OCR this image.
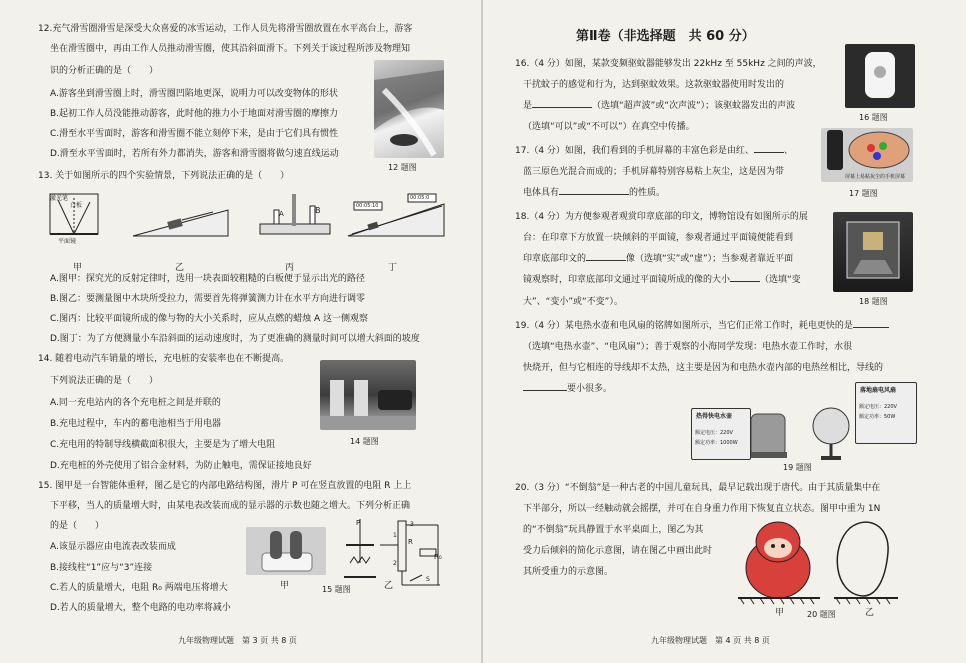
12.充气滑雪圈滑雪是深受大众喜爱的冰雪运动，工作人员先将滑雪圈放置在水平高台上，游客
坐在滑雪圈中，再由工作人员推动滑雪圈，使其沿斜面滑下。下列关于该过程所涉及物理知
识的分析正确的是（　　）
A.游客坐到滑雪圈上时，滑雪圈凹陷地更深，说明力可以改变物体的形状
B.起初工作人员没能推动游客，此时他的推力小于地面对滑雪圈的摩擦力
C.滑至水平雪面时，游客和滑雪圈不能立刻停下来，是由于它们具有惯性
D.滑至水平雪面时，若所有外力都消失，游客和滑雪圈将做匀速直线运动
12 题图
13. 关于如图所示的四个实验情景，下列说法正确的是（　　）
激光笔
白板
平面镜
A	B	00:05:10
00:05:0
甲	乙	丙	丁
A.图甲：探究光的反射定律时，选用一块表面较粗糙的白板便于显示出光的路径
B.图乙：要测量图中木块所受拉力，需要首先将弹簧测力计在水平方向进行调零
C.图丙：比较平面镜所成的像与物的大小关系时，应从点燃的蜡烛 A 这一侧观察
D.图丁：为了方便测量小车沿斜面的运动速度时，为了更准确的测量时间可以增大斜面的坡度
14. 随着电动汽车销量的增长，充电桩的安装率也在不断提高。
下列说法正确的是（　　）
A.同一充电站内的各个充电桩之间是并联的
B.充电过程中，车内的蓄电池相当于用电器
C.充电用的特制导线横截面积很大，主要是为了增大电阻
D.充电桩的外壳使用了铝合金材料，为防止触电，需保证接地良好
14 题图
15. 图甲是一台智能体重秤，图乙是它的内部电路结构图，滑片 P 可在竖直放置的电阻 R 上上
下平移，当人的质量增大时，由某电表改装而成的显示器的示数也随之增大。下列分析正确
的是（　　）
A.该显示器应由电流表改装而成
B.接线柱“1”应与“3”连接
C.若人的质量增大，电阻 R₀ 两端电压将增大
D.若人的质量增大，整个电路的电功率将减小
P
R
R₀
1
2
3
S
甲	15 题图	乙
九年级物理试题　第 3 页 共 8 页
第Ⅱ卷（非选择题　共 60 分）
16.（4 分）如图，某款变频驱蚊器能够发出 22kHz 至 55kHz 之间的声波，
干扰蚊子的感觉和行为，达到驱蚊效果。这款驱蚊器使用时发出的
是	（选填“超声波”或“次声波”）；该驱蚊器发出的声波
（选填“可以”或“不可以”）在真空中传播。
16 题图
17.（4 分）如图，我们看到的手机屏幕的丰富色彩是由红、	、
蓝三原色光混合而成的；手机屏幕特别容易粘上灰尘，这是因为带
电体具有	的性质。
屏幕上易粘灰尘的手机屏幕
17 题图
18.（4 分）为方便参观者观赏印章底部的印文，博物馆设有如图所示的展
台：在印章下方放置一块倾斜的平面镜，参观者通过平面镜便能看到
印章底部印文的	像（选填“实”或“虚”）；当参观者靠近平面
镜观察时，印章底部印文通过平面镜所成的像的大小	（选填“变
大”、“变小”或“不变”）。	18 题图
19.（4 分）某电热水壶和电风扇的铭牌如图所示，当它们正常工作时，耗电更快的是
（选填“电热水壶”、“电风扇”）；善于观察的小海同学发现：电热水壶工作时，水很
快烧开，但与它相连的导线却不太热，这主要是因为和电热水壶内部的电热丝相比，导线的
要小很多。
热得快电水壶
额定电压：220V
额定功率：1000W
落地扇电风扇
额定电压：220V
额定功率：50W
19 题图
20.（3 分）“不倒翁”是一种古老的中国儿童玩具，最早记载出现于唐代。由于其质量集中在
下半部分，所以一经触动就会摇摆，并可在自身重力作用下恢复直立状态。图甲中重为 1N
的“不倒翁”玩具静置于水平桌面上，图乙为其
受力后倾斜的简化示意图，请在图乙中画出此时
其所受重力的示意图。
甲	20 题图	乙
九年级物理试题　第 4 页 共 8 页
